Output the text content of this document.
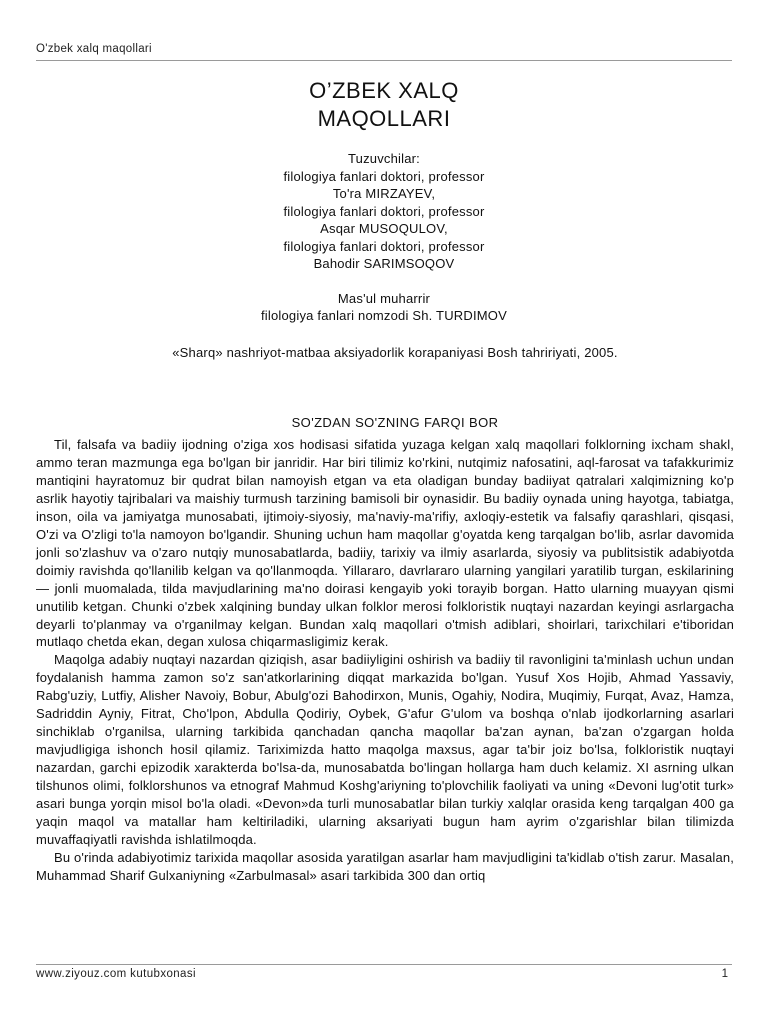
O'zbek xalq maqollari
O’ZBEK XALQ
MAQOLLARI
Tuzuvchilar:
filologiya fanlari doktori, professor
To'ra MIRZAYEV,
filologiya fanlari doktori, professor
Asqar MUSOQULOV,
filologiya fanlari doktori, professor
Bahodir SARIMSOQOV
Mas'ul muharrir
filologiya fanlari nomzodi Sh. TURDIMOV
«Sharq» nashriyot-matbaa aksiyadorlik korapaniyasi Bosh tahririyati, 2005.
SO'ZDAN SO'ZNING FARQI BOR

Til, falsafa va badiiy ijodning o'ziga xos hodisasi sifatida yuzaga kelgan xalq maqollari folklorning ixcham shakl, ammo teran mazmunga ega bo'lgan bir janridir. Har biri tilimiz ko'rkini, nutqimiz nafosatini, aql-farosat va tafakkurimiz mantiqini hayratomuz bir qudrat bilan namoyish etgan va eta oladigan bunday badiiyat qatralari xalqimizning ko'p asrlik hayotiy tajribalari va maishiy turmush tarzining bamisoli bir oynasidir. Bu badiiy oynada uning hayotga, tabiatga, inson, oila va jamiyatga munosabati, ijtimoiy-siyosiy, ma'naviy-ma'rifiy, axloqiy-estetik va falsafiy qarashlari, qisqasi, O'zi va O'zligi to'la namoyon bo'lgandir. Shuning uchun ham maqollar g'oyatda keng tarqalgan bo'lib, asrlar davomida jonli so'zlashuv va o'zaro nutqiy munosabatlarda, badiiy, tarixiy va ilmiy asarlarda, siyosiy va publitsistik adabiyotda doimiy ravishda qo'llanilib kelgan va qo'llanmoqda. Yillararo, davrlararo ularning yangilari yaratilib turgan, eskilarining — jonli muomalada, tilda mavjudlarining ma'no doirasi kengayib yoki torayib borgan. Hatto ularning muayyan qismi unutilib ketgan. Chunki o'zbek xalqining bunday ulkan folklor merosi folkloristik nuqtayi nazardan keyingi asrlargacha deyarli to'planmay va o'rganilmay kelgan. Bundan xalq maqollari o'tmish adiblari, shoirlari, tarixchilari e'tiboridan mutlaqo chetda ekan, degan xulosa chiqarmasligimiz kerak.

Maqolga adabiy nuqtayi nazardan qiziqish, asar badiiyligini oshirish va badiiy til ravonligini ta'minlash uchun undan foydalanish hamma zamon so'z san'atkorlarining diqqat markazida bo'lgan. Yusuf Xos Hojib, Ahmad Yassaviy, Rabg'uziy, Lutfiy, Alisher Navoiy, Bobur, Abulg'ozi Bahodirxon, Munis, Ogahiy, Nodira, Muqimiy, Furqat, Avaz, Hamza, Sadriddin Ayniy, Fitrat, Cho'lpon, Abdulla Qodiriy, Oybek, G'afur G'ulom va boshqa o'nlab ijodkorlarning asarlari sinchiklab o'rganilsa, ularning tarkibida qanchadan qancha maqollar ba'zan aynan, ba'zan o'zgargan holda mavjudligiga ishonch hosil qilamiz. Tariximizda hatto maqolga maxsus, agar ta'bir joiz bo'lsa, folkloristik nuqtayi nazardan, garchi epizodik xarakterda bo'lsa-da, munosabatda bo'lingan hollarga ham duch kelamiz. XI asrning ulkan tilshunos olimi, folklorshunos va etnograf Mahmud Koshg'ariyning to'plovchilik faoliyati va uning «Devoni lug'otit turk» asari bunga yorqin misol bo'la oladi. «Devon»da turli munosabatlar bilan turkiy xalqlar orasida keng tarqalgan 400 ga yaqin maqol va matallar ham keltiriladiki, ularning aksariyati bugun ham ayrim o'zgarishlar bilan tilimizda muvaffaqiyatli ravishda ishlatilmoqda.

Bu o'rinda adabiyotimiz tarixida maqollar asosida yaratilgan asarlar ham mavjudligini ta'kidlab o'tish zarur. Masalan, Muhammad Sharif Gulxaniyning «Zarbulmasal» asari tarkibida 300 dan ortiq

www.ziyouz.com kutubxonasi	1
